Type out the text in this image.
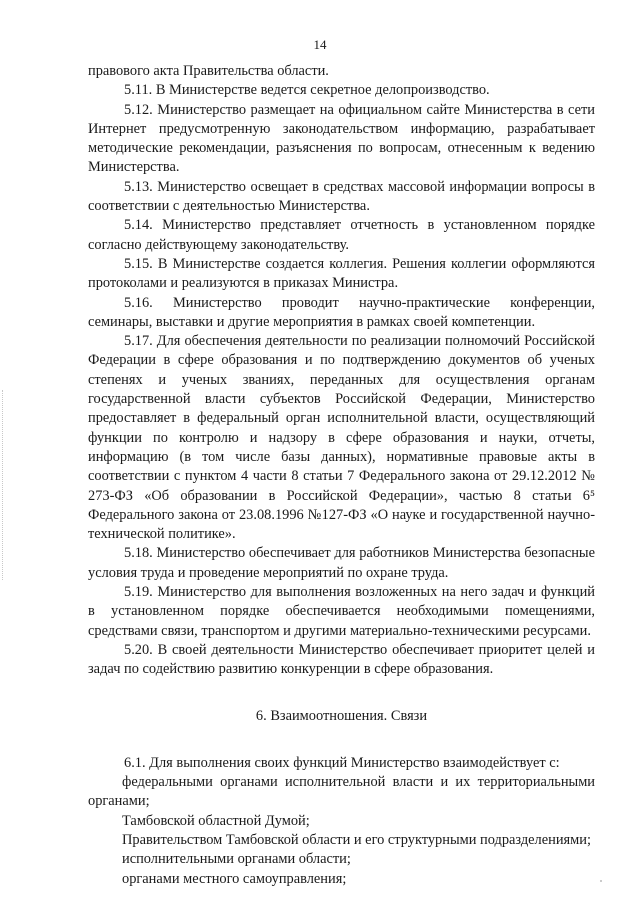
14

правового акта Правительства области.

5.11. В Министерстве ведется секретное делопроизводство.

5.12. Министерство размещает на официальном сайте Министерства в сети Интернет предусмотренную законодательством информацию, разрабатывает методические рекомендации, разъяснения по вопросам, отнесенным к ведению Министерства.

5.13. Министерство освещает в средствах массовой информации вопросы в соответствии с деятельностью Министерства.

5.14. Министерство представляет отчетность в установленном порядке согласно действующему законодательству.

5.15. В Министерстве создается коллегия. Решения коллегии оформляются протоколами и реализуются в приказах Министра.

5.16. Министерство проводит научно-практические конференции, семинары, выставки и другие мероприятия в рамках своей компетенции.

5.17. Для обеспечения деятельности по реализации полномочий Российской Федерации в сфере образования и по подтверждению документов об ученых степенях и ученых званиях, переданных для осуществления органам государственной власти субъектов Российской Федерации, Министерство предоставляет в федеральный орган исполнительной власти, осуществляющий функции по контролю и надзору в сфере образования и науки, отчеты, информацию (в том числе базы данных), нормативные правовые акты в соответствии с пунктом 4 части 8 статьи 7 Федерального закона от 29.12.2012 № 273-ФЗ «Об образовании в Российской Федерации», частью 8 статьи 6⁵ Федерального закона от 23.08.1996 №127-ФЗ «О науке и государственной научно-технической политике».

5.18. Министерство обеспечивает для работников Министерства безопасные условия труда и проведение мероприятий по охране труда.

5.19. Министерство для выполнения возложенных на него задач и функций в установленном порядке обеспечивается необходимыми помещениями, средствами связи, транспортом и другими материально-техническими ресурсами.

5.20. В своей деятельности Министерство обеспечивает приоритет целей и задач по содействию развитию конкуренции в сфере образования.

6. Взаимоотношения. Связи

6.1. Для выполнения своих функций Министерство взаимодействует с:

федеральными органами исполнительной власти и их территориальными органами;

Тамбовской областной Думой;

Правительством Тамбовской области и его структурными подразделениями;

исполнительными органами области;

органами местного самоуправления;
